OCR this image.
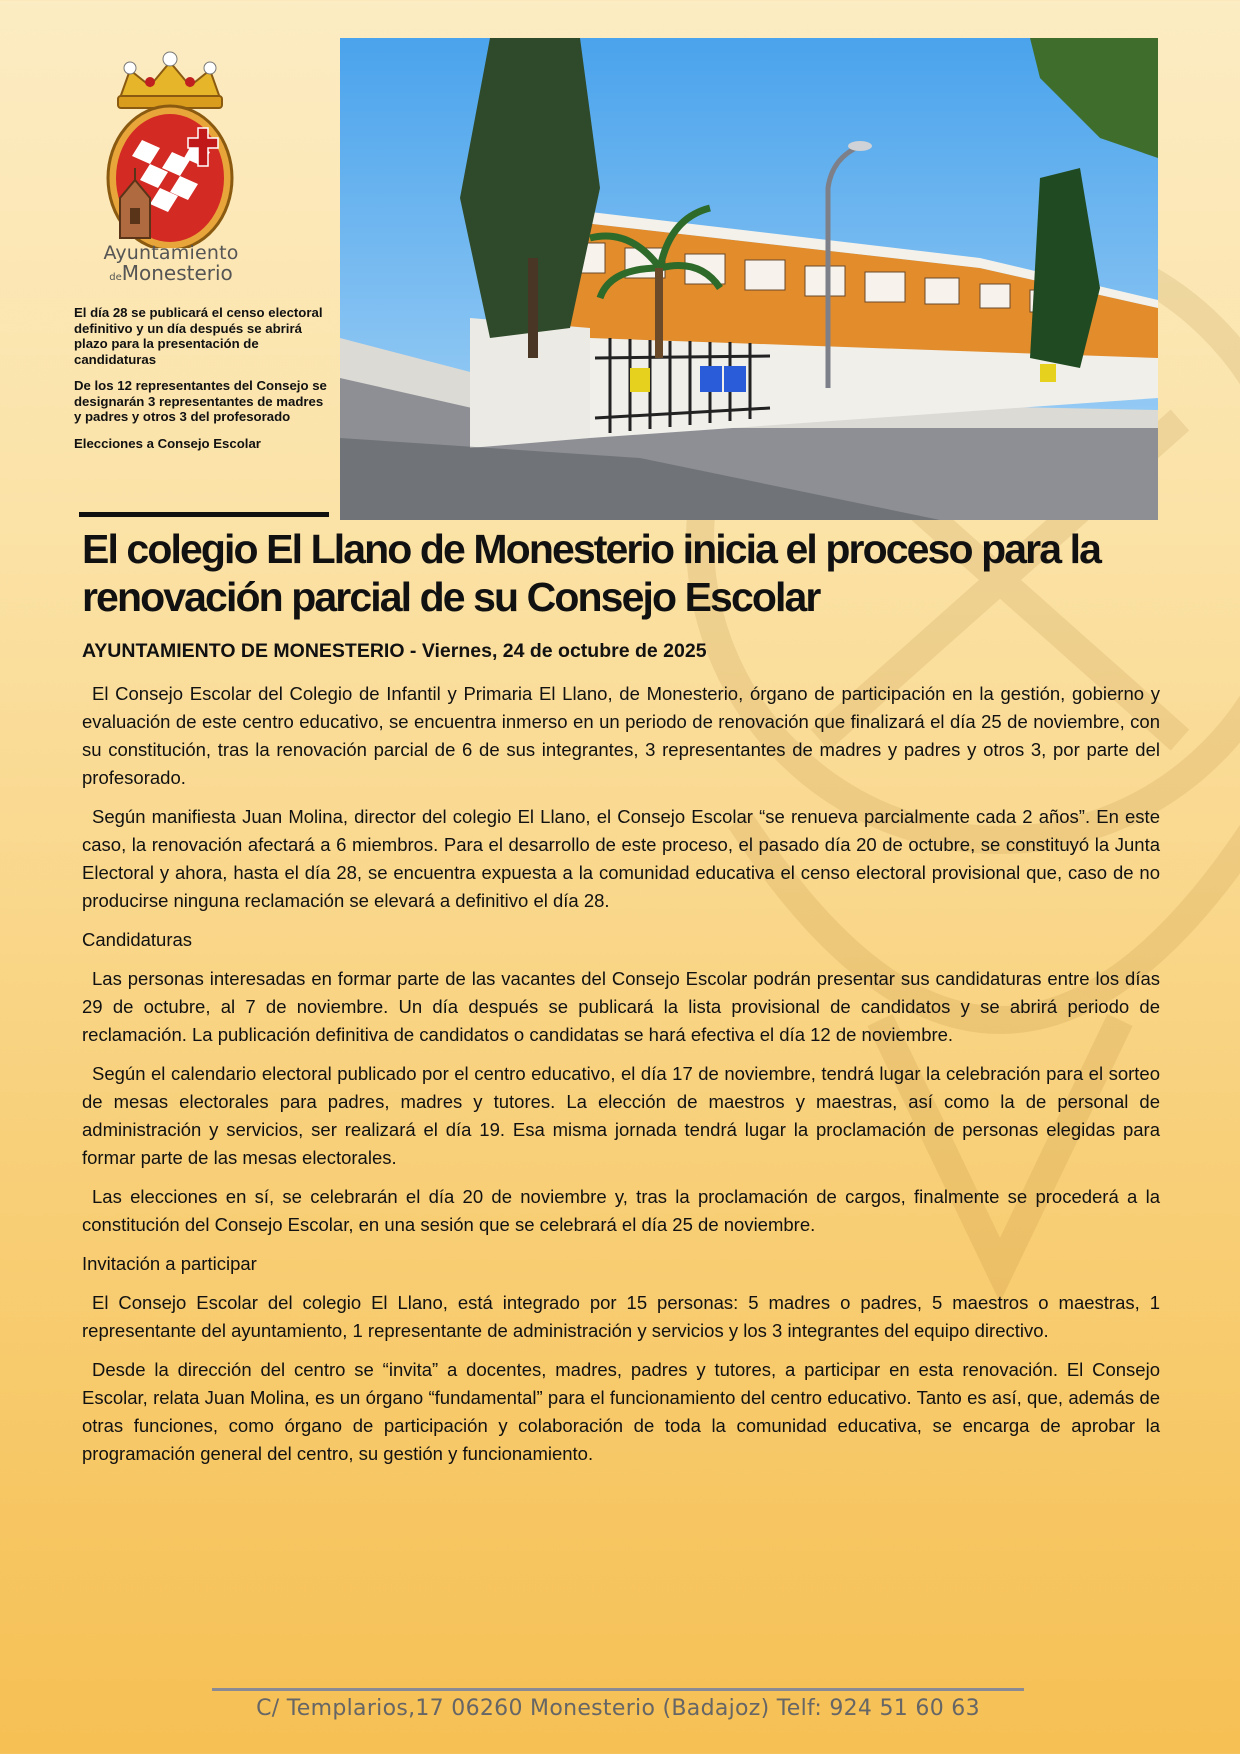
Ayuntamiento
deMonesterio

El día 28 se publicará el censo electoral definitivo y un día después se abrirá plazo para la presentación de candidaturas

De los 12 representantes del Consejo se designarán 3 representantes de madres y padres y otros 3 del profesorado

Elecciones a Consejo Escolar

El colegio El Llano de Monesterio inicia el proceso para la renovación parcial de su Consejo Escolar

AYUNTAMIENTO DE MONESTERIO - Viernes, 24 de octubre de 2025

El Consejo Escolar del Colegio de Infantil y Primaria El Llano, de Monesterio, órgano de participación en la gestión, gobierno y evaluación de este centro educativo, se encuentra inmerso en un periodo de renovación que finalizará el día 25 de noviembre, con su constitución, tras la renovación parcial de 6 de sus integrantes, 3 representantes de madres y padres y otros 3, por parte del profesorado.

Según manifiesta Juan Molina, director del colegio El Llano, el Consejo Escolar “se renueva parcialmente cada 2 años”. En este caso, la renovación afectará a 6 miembros. Para el desarrollo de este proceso, el pasado día 20 de octubre, se constituyó la Junta Electoral y ahora, hasta el día 28, se encuentra expuesta a la comunidad educativa el censo electoral provisional que, caso de no producirse ninguna reclamación se elevará a definitivo el día 28.

Candidaturas

Las personas interesadas en formar parte de las vacantes del Consejo Escolar podrán presentar sus candidaturas entre los días 29 de octubre, al 7 de noviembre. Un día después se publicará la lista provisional de candidatos y se abrirá periodo de reclamación. La publicación definitiva de candidatos o candidatas se hará efectiva el día 12 de noviembre.

Según el calendario electoral publicado por el centro educativo, el día 17 de noviembre, tendrá lugar la celebración para el sorteo de mesas electorales para padres, madres y tutores. La elección de maestros y maestras, así como la de personal de administración y servicios, ser realizará el día 19. Esa misma jornada tendrá lugar la proclamación de personas elegidas para formar parte de las mesas electorales.

Las elecciones en sí, se celebrarán el día 20 de noviembre y, tras la proclamación de cargos, finalmente se procederá a la constitución del Consejo Escolar, en una sesión que se celebrará el día 25 de noviembre.

Invitación a participar

El Consejo Escolar del colegio El Llano, está integrado por 15 personas: 5 madres o padres, 5 maestros o maestras, 1 representante del ayuntamiento, 1 representante de administración y servicios y los 3 integrantes del equipo directivo.

Desde la dirección del centro se “invita” a docentes, madres, padres y tutores, a participar en esta renovación. El Consejo Escolar, relata Juan Molina, es un órgano “fundamental” para el funcionamiento del centro educativo. Tanto es así, que, además de otras funciones, como órgano de participación y colaboración de toda la comunidad educativa, se encarga de aprobar la programación general del centro, su gestión y funcionamiento.

C/ Templarios,17 06260 Monesterio (Badajoz) Telf: 924 51 60 63
